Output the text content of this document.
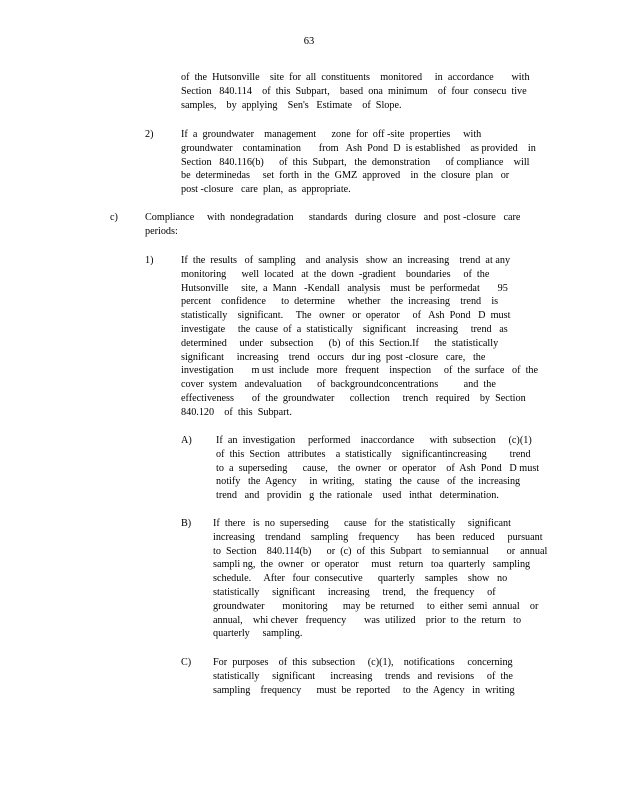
63
of  the  Hutsonville    site  for  all  constituents    monitored     in  accordance       with
Section   840.114    of  this  Subpart,    based  ona  minimum    of  four  consecu  tive
samples,    by  applying    Sen's   Estimate    of  Slope.
2)	If  a  groundwater    management      zone  for  off -site  properties     with
groundwater    contamination       from   Ash  Pond  D  is established    as provided    in
Section   840.116(b)      of  this  Subpart,   the  demonstration      of compliance    will
be  determinedas     set  forth  in  the  GMZ  approved    in  the  closure  plan   or
post -closure   care  plan,  as  appropriate.
c)	Compliance     with  nondegradation      standards   during  closure   and  post -closure   care
periods:
1)	If  the  results   of  sampling    and  analysis   show  an  increasing    trend  at any
monitoring      well  located   at  the  down  -gradient    boundaries     of  the
Hutsonville     site,  a  Mann   -Kendall   analysis    must  be  performedat       95
percent    confidence      to  determine     whether    the  increasing    trend    is
statistically    significant.     The   owner   or  operator     of   Ash  Pond   D  must
investigate     the  cause  of  a  statistically    significant    increasing     trend   as
determined     under   subsection      (b)  of  this  Section.If      the  statistically
significant     increasing    trend   occurs   dur ing  post -closure   care,   the
investigation       m ust  include   more   frequent    inspection     of  the  surface   of  the
cover  system   andevaluation      of  backgroundconcentrations          and  the
effectiveness       of  the  groundwater      collection     trench   required    by  Section
840.120    of  this  Subpart.
A) If  an  investigation     performed    inaccordance      with  subsection     (c)(1)
of  this  Section   attributes    a  statistically    significantincreasing         trend
to  a  superseding      cause,    the  owner   or  operator    of  Ash  Pond   D must
notify   the  Agency     in  writing,    stating   the  cause   of  the  increasing
trend   and   providin   g  the  rationale    used   inthat   determination.
B) If  there   is  no  superseding      cause   for  the  statistically     significant
increasing    trendand    sampling    frequency       has  been   reduced     pursuant
to  Section    840.114(b)      or  (c)  of  this  Subpart    to semiannual       or  annual
sampli ng,  the  owner   or  operator     must   return   toa  quarterly   sampling
schedule.     After   four  consecutive      quarterly    samples    show   no
statistically     significant     increasing     trend,    the  frequency     of
groundwater       monitoring      may  be  returned     to  either  semi  annual    or
annual,    whi chever   frequency       was  utilized    prior  to  the  return   to
quarterly     sampling.
C) For  purposes    of  this  subsection     (c)(1),    notifications     concerning
statistically     significant      increasing     trends   and  revisions     of  the
sampling    frequency      must  be  reported     to  the  Agency   in  writing
